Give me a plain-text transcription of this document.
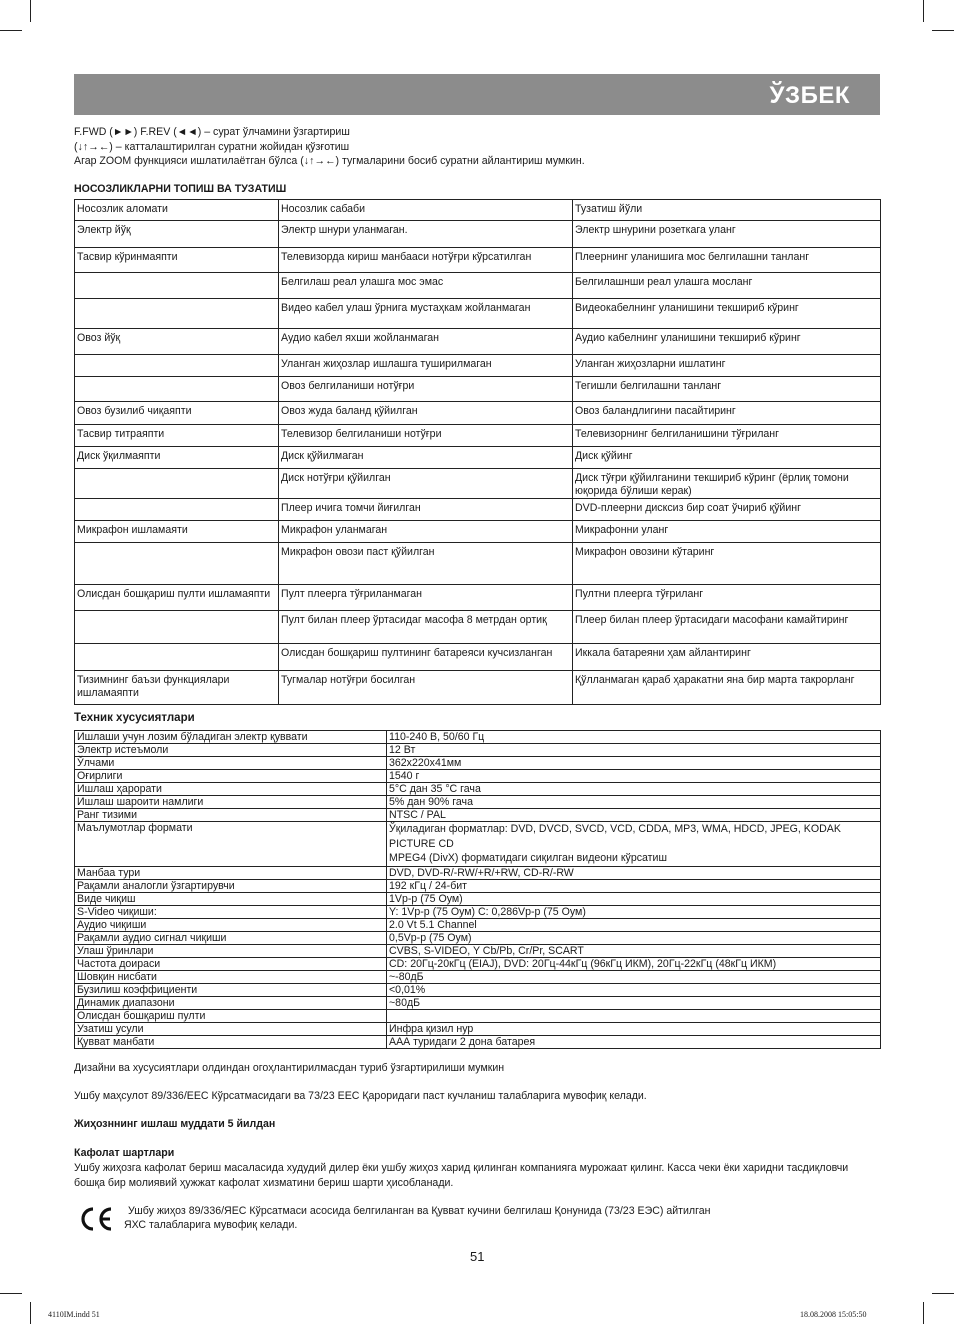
ЎЗБЕК

F.FWD (►►) F.REV (◄◄) – сурат ўлчамини ўзгартириш

(↓↑→←) – катталаштирилган суратни жойидан қўзғотиш

Агар ZOOM функцияси ишлатилаётган бўлса (↓↑→←) тугмаларини босиб суратни айлантириш мумкин.

НОСОЗЛИКЛАРНИ ТОПИШ ВА ТУЗАТИШ
Носозлик аломати	Носозлик сабаби	Тузатиш йўли
Электр йўқ	Электр шнури уланмаган.	Электр шнурини розеткага уланг
Тасвир кўринмаяпти	Телевизорда кириш манбааси нотўғри кўрсатилган	Плеернинг уланишига мос белгилашни танланг
	Белгилаш реал улашга мос эмас	Белгилашнши реал улашга мосланг
	Видео кабел улаш ўрнига мустаҳкам жойланмаган	Видеокабелнинг уланишини текшириб кўринг
Овоз йўқ	Аудио кабел яхши жойланмаган	Аудио кабелнинг уланишини текшириб кўринг
	Уланган жиҳозлар ишлашга туширилмаган	Уланган жиҳозларни ишлатинг
	Овоз белгиланиши нотўғри	Тегишли белгилашни танланг
Овоз бузилиб чиқаяпти	Овоз жуда баланд қўйилган	Овоз баландлигини пасайтиринг
Тасвир титраяпти	Телевизор белгиланиши нотўғри	Телевизорнинг белгиланишини тўғриланг
Диск ўқилмаяпти	Диск қўйилмаган	Диск қўйинг
	Диск нотўғри қўйилган	Диск тўғри қўйилганини текшириб кўринг (ёрлиқ томони юқорида бўлиши керак)
	Плеер ичига томчи йиғилган	DVD-плеерни дисксиз бир соат ўчириб қўйинг
Микрафон ишламаяти	Микрафон уланмаган	Микрафонни уланг
	Микрафон овози паст қўйилган	Микрафон овозини кўтаринг
Олисдан бошқариш пулти ишламаяпти	Пулт плеерга тўғриланмаган	Пултни плеерга тўғриланг
	Пулт билан плеер ўртасидаг масофа 8 метрдан ортиқ	Плеер билан плеер ўртасидаги масофани камайтиринг
	Олисдан бошқариш пултининг батареяси кучсизланган	Иккала батареяни ҳам айлантиринг
Тизимнинг баъзи функциялари ишламаяпти	Тугмалар нотўғри босилган	Қўлланмаган қараб ҳаракатни яна бир марта такрорланг
Техник хусусиятлари
Ишлаши учун лозим бўладиган электр қуввати	110-240 В, 50/60 Гц
Электр истеъмоли	12 Вт
Ўлчами	362x220x41мм
Оғирлиги	1540 г
Ишлаш ҳарорати	5°С дан 35 °С гача
Ишлаш шароити намлиги	5% дан 90% гача
Ранг тизими	NTSC / PAL
Маълумотлар формати	Ўқиладиган форматлар: DVD, DVCD, SVCD, VCD, CDDA, MP3, WMA, HDCD, JPEG, KODAK PICTURE CD
MPEG4 (DivX) форматидаги сиқилган видеони кўрсатиш
Манбаа тури	DVD, DVD-R/-RW/+R/+RW, CD-R/-RW
Рақамли аналогли ўзгартирувчи	192 кГц / 24-бит
Виде чиқиш	1Vp-p (75 Оум)
S-Video чиқиши:	Y: 1Vp-p (75 Оум) C: 0,286Vp-p (75 Оум)
Аудио чиқиши	2.0 Vt 5.1 Channel
Рақамли аудио сигнал чиқиши	0,5Vp-p (75 Оум)
Улаш ўринлари	CVBS, S-VIDEO, Y Cb/Pb, Cr/Pr, SCART
Частота доираси	CD: 20Гц-20кГц (EIAJ), DVD: 20Гц-44кГц (96кГц ИКМ), 20Гц-22кГц (48кГц ИКМ)
Шовқин нисбати	~-80дБ
Бузилиш коэффициенти	<0,01%
Динамик диапазони	~80дБ
Олисдан бошқариш пулти	
Узатиш усули	Инфра қизил нур
Қувват манбати	ААА туридаги 2 дона батарея
Дизайни ва хусусиятлари олдиндан огоҳлантирилмасдан туриб ўзгартирилиши мумкин
Ушбу маҳсулот 89/336/EEC Кўрсатмасидаги ва 73/23 EEC Қароридаги паст кучланиш талабларига мувофиқ келади.
Жиҳозннинг ишлаш муддати 5 йилдан
Кафолат шартлари
Ушбу жиҳозга кафолат бериш масаласида худудий дилер ёки ушбу жиҳоз харид қилинган компанияга мурожаат қилинг. Касса чеки ёки харидни тасдиқловчи бошқа бир молиявий ҳужжат кафолат хизматини бериш шарти ҳисобланади.
Ушбу жиҳоз 89/336/ЯЕС Кўрсатмаси асосида белгиланган ва Қувват кучини белгилаш Қонунида (73/23 ЕЭС) айтилган
ЯХС талабларига мувофиқ келади.
51
4110IM.indd 51	18.08.2008 15:05:50
